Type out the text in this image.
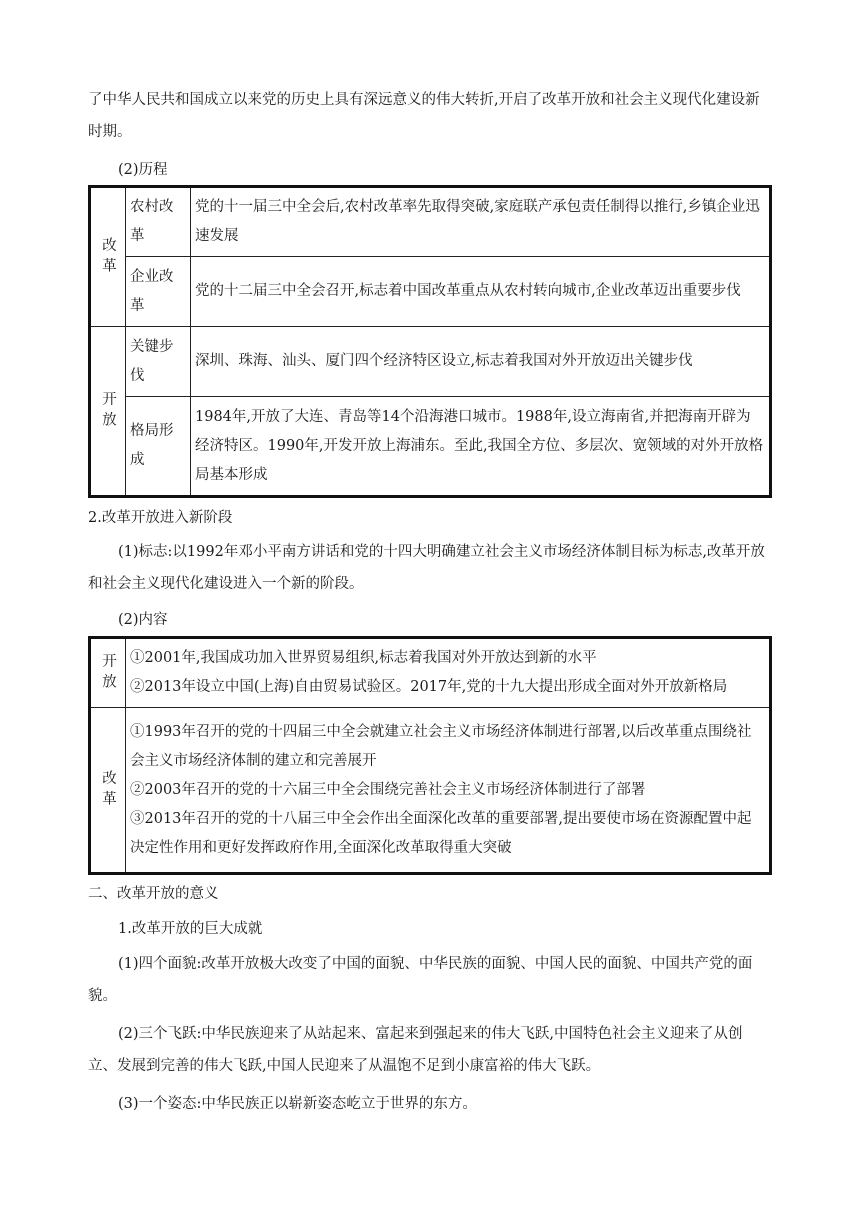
了中华人民共和国成立以来党的历史上具有深远意义的伟大转折,开启了改革开放和社会主义现代化建设新时期。

(2)历程

改革	农村改革	党的十一届三中全会后,农村改革率先取得突破,家庭联产承包责任制得以推行,乡镇企业迅速发展
	企业改革	党的十二届三中全会召开,标志着中国改革重点从农村转向城市,企业改革迈出重要步伐

开放	关键步伐	深圳、珠海、汕头、厦门四个经济特区设立,标志着我国对外开放迈出关键步伐
	格局形成	1984年,开放了大连、青岛等14个沿海港口城市。1988年,设立海南省,并把海南开辟为经济特区。1990年,开发开放上海浦东。至此,我国全方位、多层次、宽领域的对外开放格局基本形成

2.改革开放进入新阶段

(1)标志:以1992年邓小平南方讲话和党的十四大明确建立社会主义市场经济体制目标为标志,改革开放和社会主义现代化建设进入一个新的阶段。

(2)内容

开放	①2001年,我国成功加入世界贸易组织,标志着我国对外开放达到新的水平
②2013年设立中国(上海)自由贸易试验区。2017年,党的十九大提出形成全面对外开放新格局

改革	①1993年召开的党的十四届三中全会就建立社会主义市场经济体制进行部署,以后改革重点围绕社会主义市场经济体制的建立和完善展开
②2003年召开的党的十六届三中全会围绕完善社会主义市场经济体制进行了部署
③2013年召开的党的十八届三中全会作出全面深化改革的重要部署,提出要使市场在资源配置中起决定性作用和更好发挥政府作用,全面深化改革取得重大突破

二、改革开放的意义

1.改革开放的巨大成就

(1)四个面貌:改革开放极大改变了中国的面貌、中华民族的面貌、中国人民的面貌、中国共产党的面貌。

(2)三个飞跃:中华民族迎来了从站起来、富起来到强起来的伟大飞跃,中国特色社会主义迎来了从创立、发展到完善的伟大飞跃,中国人民迎来了从温饱不足到小康富裕的伟大飞跃。

(3)一个姿态:中华民族正以崭新姿态屹立于世界的东方。
